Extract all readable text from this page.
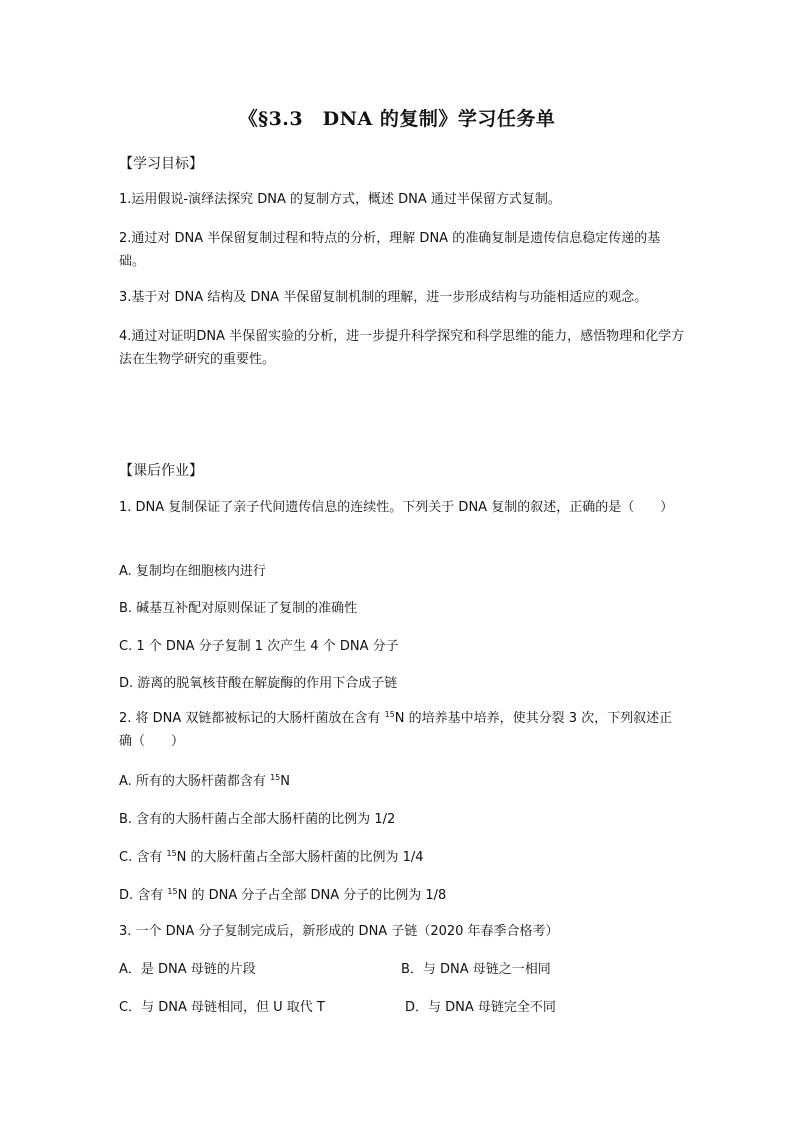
《§3.3　DNA 的复制》学习任务单
【学习目标】
1.运用假说-演绎法探究 DNA 的复制方式，概述 DNA 通过半保留方式复制。
2.通过对 DNA 半保留复制过程和特点的分析，理解 DNA 的准确复制是遗传信息稳定传递的基础。
3.基于对 DNA 结构及 DNA 半保留复制机制的理解，进一步形成结构与功能相适应的观念。
4.通过对证明DNA 半保留实验的分析，进一步提升科学探究和科学思维的能力，感悟物理和化学方法在生物学研究的重要性。
【课后作业】
1. DNA 复制保证了亲子代间遗传信息的连续性。下列关于 DNA 复制的叙述，正确的是（　　）
A. 复制均在细胞核内进行
B. 碱基互补配对原则保证了复制的准确性
C. 1 个 DNA 分子复制 1 次产生 4 个 DNA 分子
D. 游离的脱氧核苷酸在解旋酶的作用下合成子链
2. 将 DNA 双链都被标记的大肠杆菌放在含有 $^{15}$N 的培养基中培养，使其分裂 3 次，下列叙述正确（　　）
A. 所有的大肠杆菌都含有 $^{15}$N
B. 含有的大肠杆菌占全部大肠杆菌的比例为 1/2
C. 含有 $^{15}$N 的大肠杆菌占全部大肠杆菌的比例为 1/4
D. 含有 $^{15}$N 的 DNA 分子占全部 DNA 分子的比例为 1/8
3. 一个 DNA 分子复制完成后，新形成的 DNA 子链（2020 年春季合格考）
A．是 DNA 母链的片段	B．与 DNA 母链之一相同
C．与 DNA 母链相同，但 U 取代 T	D．与 DNA 母链完全不同
